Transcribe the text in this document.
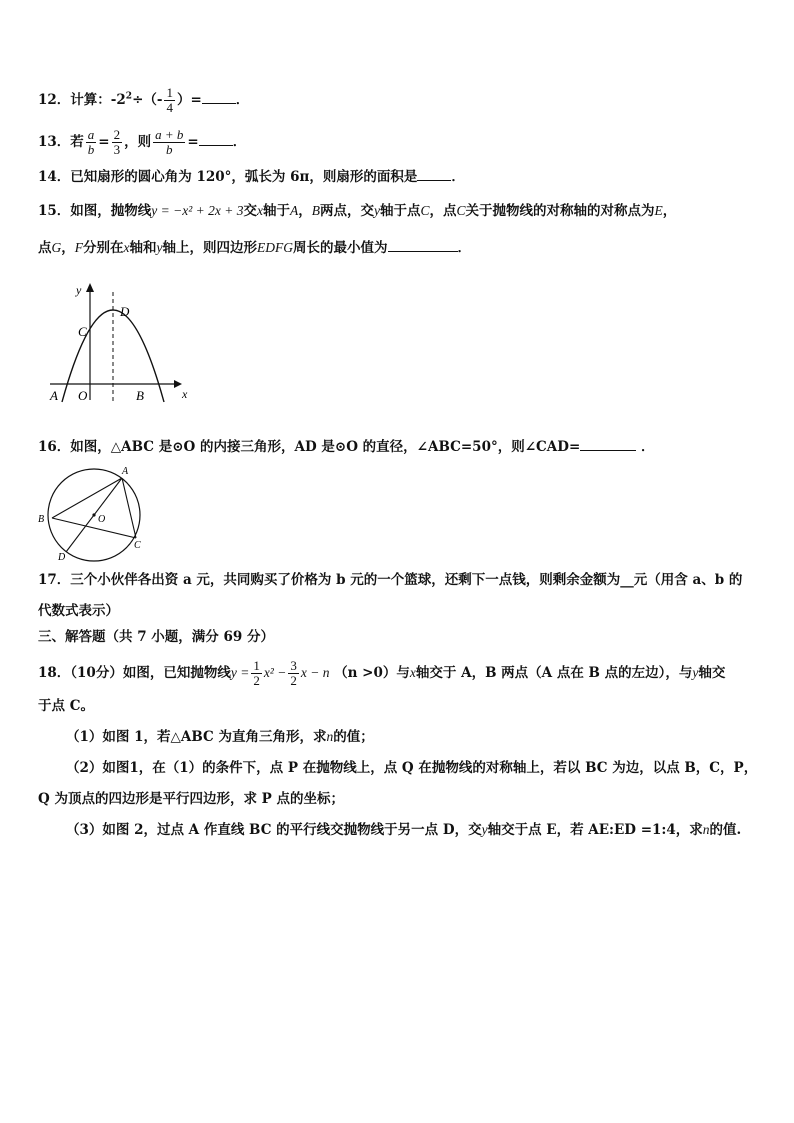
12．计算：$-2^2\div(- \frac{1}{4}$ ）=	．
13．若 $\frac{a}{b} = \frac{2}{3}$ ，则 $\frac{a + b}{b}$ =	．
14．已知扇形的圆心角为 120°，弧长为 6π，则扇形的面积是	．
15．如图，抛物线y = −x² + 2x + 3交x轴于A，B两点，交y轴于点C，点C关于抛物线的对称轴的对称点为E，
点G，F分别在x轴和y轴上，则四边形EDFG周长的最小值为	．
y
D
C
A O	B	x
16．如图，△ABC 是⊙O 的内接三角形，AD 是⊙O 的直径，∠ABC=50°，则∠CAD=	．
A
B	O
C
D
17．三个小伙伴各出资 a 元，共同购买了价格为 b 元的一个篮球，还剩下一点钱，则剩余金额为__元（用含 a、b 的
代数式表示）
三、解答题（共 7 小题，满分 69 分）
18．（10分）如图，已知抛物线$y = \frac{1}{2} x^2 - \frac{3}{2}$ x − n （n >0）与x轴交于 A，B 两点（A 点在 B 点的左边），与y轴交
于点 C。
（1）如图 1，若△ABC 为直角三角形，求n的值；
（2）如图1，在（1）的条件下，点 P 在抛物线上，点 Q 在抛物线的对称轴上，若以 BC 为边，以点 B，C，P，
Q 为顶点的四边形是平行四边形，求 P 点的坐标；
（3）如图 2，过点 A 作直线 BC 的平行线交抛物线于另一点 D，交y轴交于点 E，若 AE:ED =1:4，求n的值.
